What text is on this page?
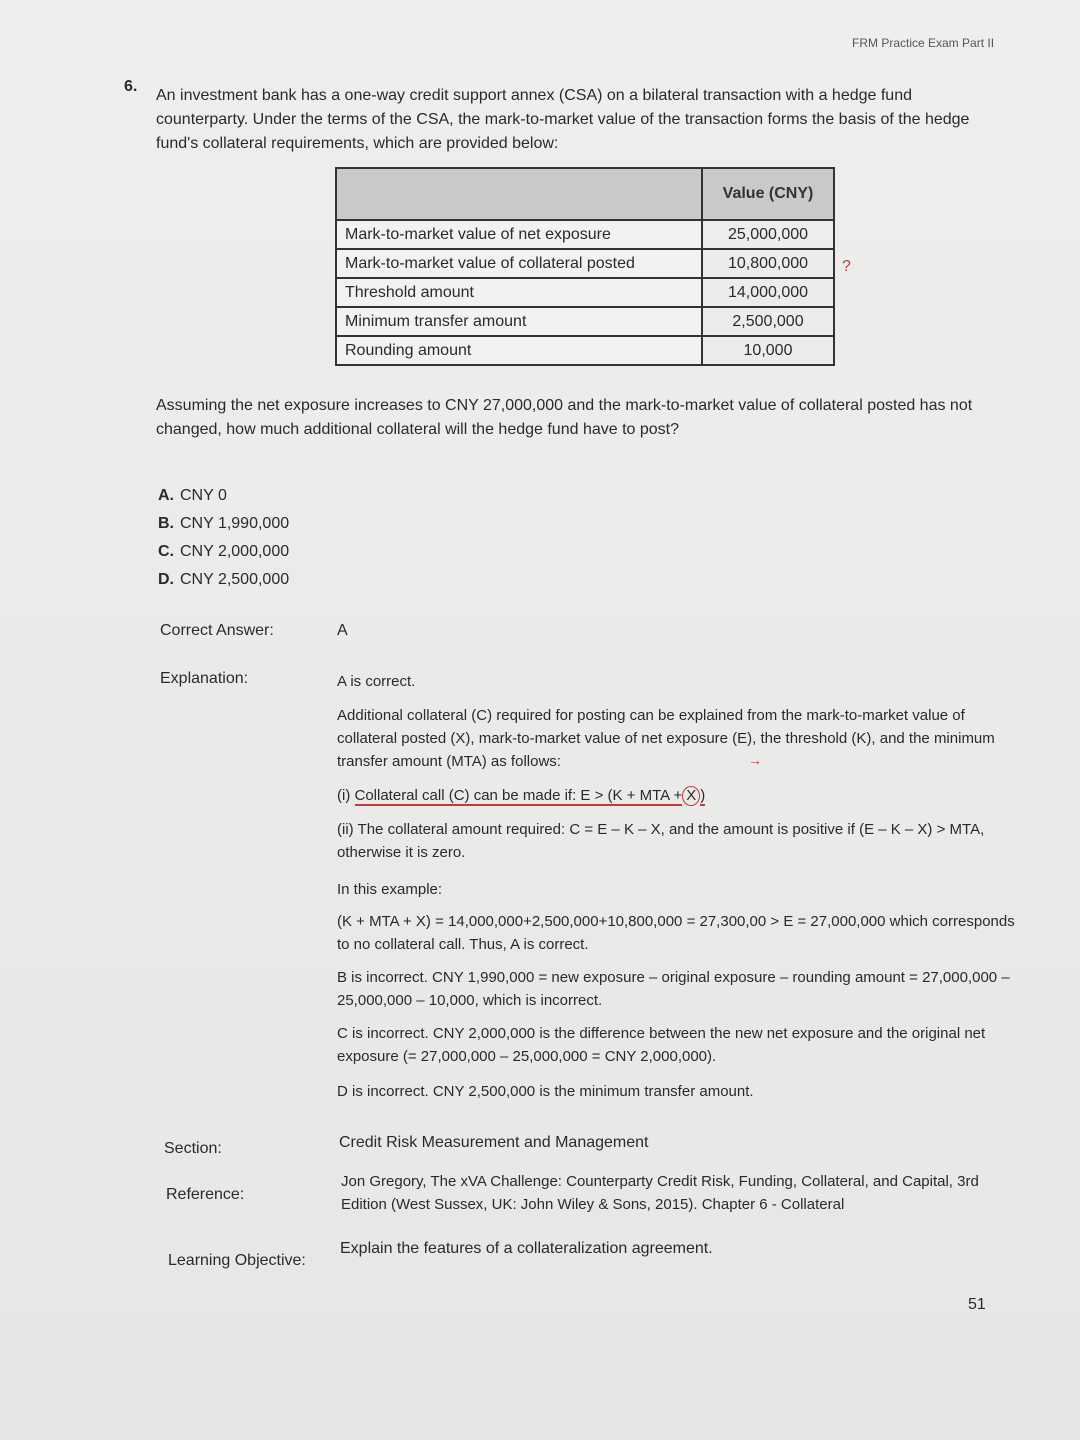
FRM Practice Exam Part II
6.
An investment bank has a one-way credit support annex (CSA) on a bilateral transaction with a hedge fund counterparty. Under the terms of the CSA, the mark-to-market value of the transaction forms the basis of the hedge fund's collateral requirements, which are provided below:
	Value (CNY)
Mark-to-market value of net exposure	25,000,000
Mark-to-market value of collateral posted	10,800,000
Threshold amount	14,000,000
Minimum transfer amount	2,500,000
Rounding amount	10,000
?
Assuming the net exposure increases to CNY 27,000,000 and the mark-to-market value of collateral posted has not changed, how much additional collateral will the hedge fund have to post?
A. CNY 0
B. CNY 1,990,000
C. CNY 2,000,000
D. CNY 2,500,000
Correct Answer:	A
Explanation:	A is correct.
Additional collateral (C) required for posting can be explained from the mark-to-market value of collateral posted (X), mark-to-market value of net exposure (E), the threshold (K), and the minimum transfer amount (MTA) as follows:	→
(i) Collateral call (C) can be made if: E > (K + MTA + X )
(ii) The collateral amount required: C = E – K – X, and the amount is positive if (E – K – X) > MTA, otherwise it is zero.
In this example:
(K + MTA + X) = 14,000,000+2,500,000+10,800,000 = 27,300,00 > E = 27,000,000 which corresponds to no collateral call. Thus, A is correct.
B is incorrect. CNY 1,990,000 = new exposure – original exposure – rounding amount = 27,000,000 – 25,000,000 – 10,000, which is incorrect.
C is incorrect. CNY 2,000,000 is the difference between the new net exposure and the original net exposure (= 27,000,000 – 25,000,000 = CNY 2,000,000).
D is incorrect. CNY 2,500,000 is the minimum transfer amount.
Section:	Credit Risk Measurement and Management
Reference:
Jon Gregory, The xVA Challenge: Counterparty Credit Risk, Funding, Collateral, and Capital, 3rd Edition (West Sussex, UK: John Wiley & Sons, 2015). Chapter 6 - Collateral
Learning Objective:
Explain the features of a collateralization agreement.
51
